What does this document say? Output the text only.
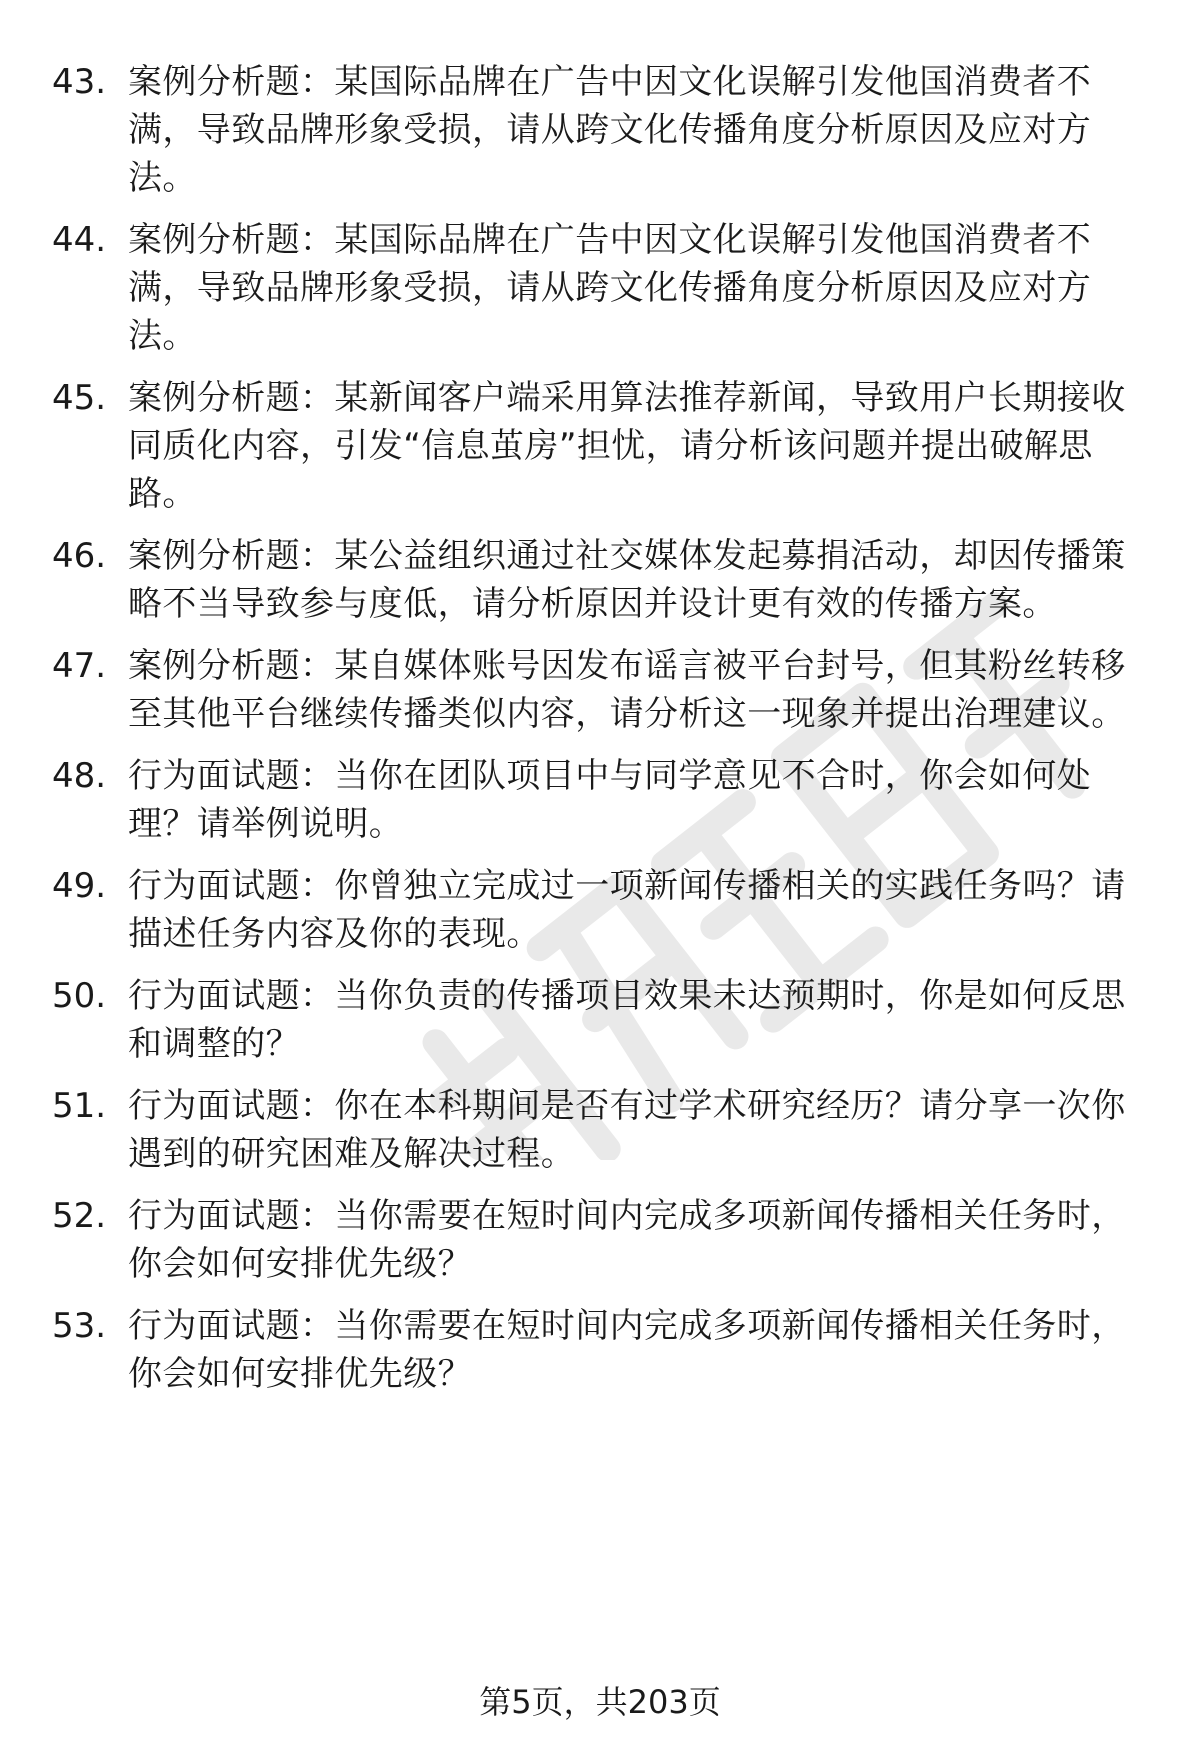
43. 案例分析题：某国际品牌在广告中因文化误解引发他国消费者不满，导致品牌形象受损，请从跨文化传播角度分析原因及应对方法。
44. 案例分析题：某国际品牌在广告中因文化误解引发他国消费者不满，导致品牌形象受损，请从跨文化传播角度分析原因及应对方法。
45. 案例分析题：某新闻客户端采用算法推荐新闻，导致用户长期接收同质化内容，引发“信息茧房”担忧，请分析该问题并提出破解思路。
46. 案例分析题：某公益组织通过社交媒体发起募捐活动，却因传播策略不当导致参与度低，请分析原因并设计更有效的传播方案。
47. 案例分析题：某自媒体账号因发布谣言被平台封号，但其粉丝转移至其他平台继续传播类似内容，请分析这一现象并提出治理建议。
48. 行为面试题：当你在团队项目中与同学意见不合时，你会如何处理？请举例说明。
49. 行为面试题：你曾独立完成过一项新闻传播相关的实践任务吗？请描述任务内容及你的表现。
50. 行为面试题：当你负责的传播项目效果未达预期时，你是如何反思和调整的？
51. 行为面试题：你在本科期间是否有过学术研究经历？请分享一次你遇到的研究困难及解决过程。
52. 行为面试题：当你需要在短时间内完成多项新闻传播相关任务时，你会如何安排优先级？
53. 行为面试题：当你需要在短时间内完成多项新闻传播相关任务时，你会如何安排优先级？
第5页，共203页
